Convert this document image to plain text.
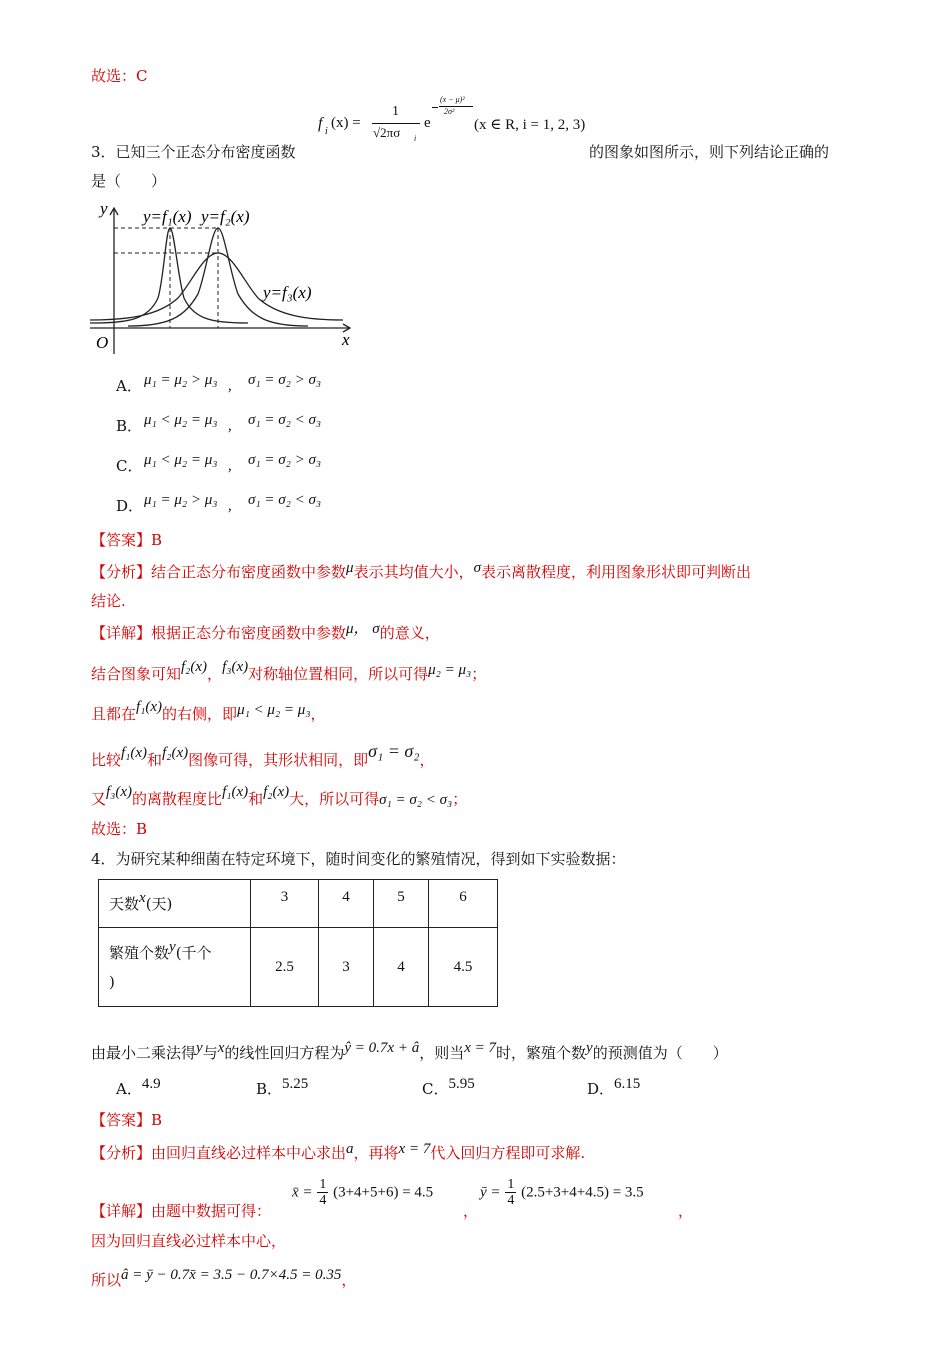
故选：C
f i
(x) =
1
√2πσ i
e
(x − μ)²
2σ²
(x ∈ R, i = 1, 2, 3)
3．已知三个正态分布密度函数	的图象如图所示，则下列结论正确的
是（　　）
y
x
O
y=f₁(x) y=f₂(x)
y=f₃(x)
A． μ₁ = μ₂ > μ₃ , σ₁ = σ₂ > σ₃
B． μ₁ < μ₂ = μ₃ , σ₁ = σ₂ < σ₃
C． μ₁ < μ₂ = μ₃ , σ₁ = σ₂ > σ₃
D． μ₁ = μ₂ > μ₃ , σ₁ = σ₂ < σ₃
【答案】B
【分析】结合正态分布密度函数中参数μ表示其均值大小，σ表示离散程度，利用图象形状即可判断出
结论.
【详解】根据正态分布密度函数中参数μ， σ的意义，
结合图象可知f₂(x)，f₃(x)对称轴位置相同，所以可得μ₂ = μ₃；
且都在f₁(x)的右侧，即μ₁ < μ₂ = μ₃，
比较f₁(x)和f₂(x)图像可得，其形状相同，即σ₁ = σ₂，
又f₃(x)的离散程度比f₁(x)和f₂(x)大，所以可得σ₁ = σ₂ < σ₃；
故选：B
4．为研究某种细菌在特定环境下，随时间变化的繁殖情况，得到如下实验数据：
天数x(天)	3	4	5	6
繁殖个数y(千个
)	2.5	3	4	4.5
由最小二乘法得y与x的线性回归方程为ŷ = 0.7x + â，则当x = 7时，繁殖个数y的预测值为（　　）
A．4.9	B．5.25	C．5.95	D．6.15
【答案】B
【分析】由回归直线必过样本中心求出a，再将x = 7代入回归方程即可求解.
【详解】由题中数据可得：
x̄ = $\frac{1}{4} (3+4+5+6) = 4.5$
，
ȳ = $\frac{1}{4} (2.5+3+4+4.5) = 3.5$
，
因为回归直线必过样本中心，
所以â = ȳ − 0.7x̄ = 3.5 − 0.7×4.5 = 0.35，
